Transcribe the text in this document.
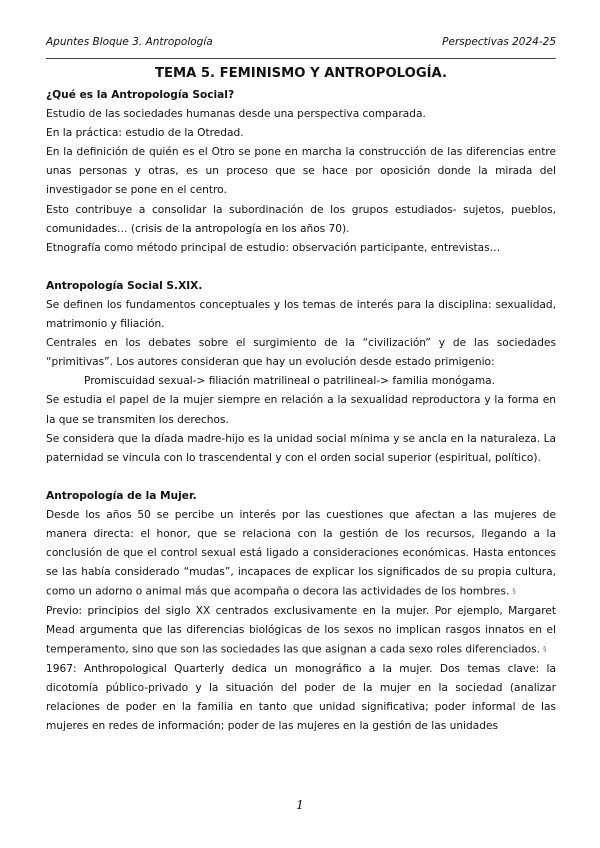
Apuntes Bloque 3. Antropología	Perspectivas 2024-25
TEMA 5. FEMINISMO Y ANTROPOLOGÍA.

¿Qué es la Antropología Social?

Estudio de las sociedades humanas desde una perspectiva comparada.

En la práctica: estudio de la Otredad.

En la definición de quién es el Otro se pone en marcha la construcción de las diferencias entre unas personas y otras, es un proceso que se hace por oposición donde la mirada del investigador se pone en el centro.

Esto contribuye a consolidar la subordinación de los grupos estudiados- sujetos, pueblos, comunidades… (crisis de la antropología en los años 70).

Etnografía como método principal de estudio: observación participante, entrevistas…

Antropología Social S.XIX.

Se definen los fundamentos conceptuales y los temas de interés para la disciplina: sexualidad, matrimonio y filiación.

Centrales en los debates sobre el surgimiento de la “civilización” y de las sociedades “primitivas”. Los autores consideran que hay un evolución desde estado primigenio:

Promiscuidad sexual-> filiación matrilineal o patrilineal-> familia monógama.

Se estudia el papel de la mujer siempre en relación a la sexualidad reproductora y la forma en la que se transmiten los derechos.

Se considera que la díada madre-hijo es la unidad social mínima y se ancla en la naturaleza. La paternidad se vincula con lo trascendental y con el orden social superior (espiritual, político).

Antropología de la Mujer.

Desde los años 50 se percibe un interés por las cuestiones que afectan a las mujeres de manera directa: el honor, que se relaciona con la gestión de los recursos, llegando a la conclusión de que el control sexual está ligado a consideraciones económicas. Hasta entonces se las había considerado “mudas”, incapaces de explicar los significados de su propia cultura, como un adorno o animal más que acompaña o decora las actividades de los hombres. §

Previo: principios del siglo XX centrados exclusivamente en la mujer. Por ejemplo, Margaret Mead argumenta que las diferencias biológicas de los sexos no implican rasgos innatos en el temperamento, sino que son las sociedades las que asignan a cada sexo roles diferenciados. §

1967: Anthropological Quarterly dedica un monográfico a la mujer. Dos temas clave: la dicotomía público-privado y la situación del poder de la mujer en la sociedad (analizar relaciones de poder en la familia en tanto que unidad significativa; poder informal de las mujeres en redes de información; poder de las mujeres en la gestión de las unidades

1
